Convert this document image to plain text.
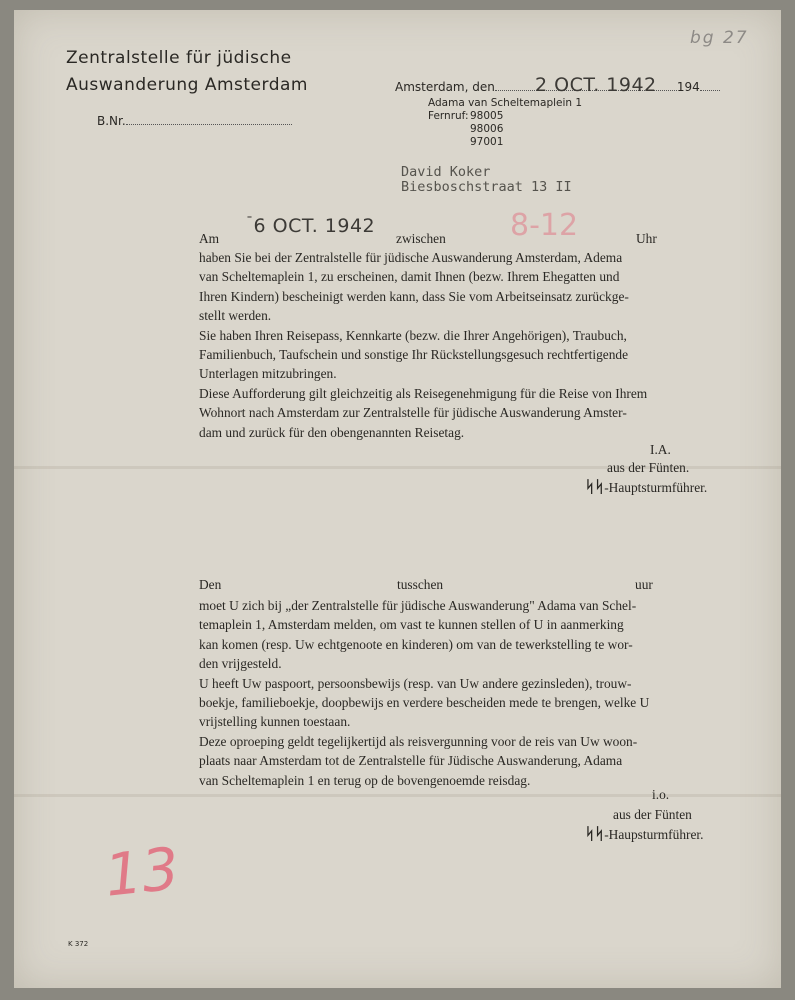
Zentralstelle für jüdische
Auswanderung Amsterdam
B.Nr.
Amsterdam, den	194
2 OCT. 1942
Adama van Scheltemaplein 1
Fernruf: 98005
98006
97001
bg 27
David Koker
Biesboschstraat 13 II
Am
$^ˉ$6 OCT. 1942
zwischen 8-12	Uhr
haben Sie bei der Zentralstelle für jüdische Auswanderung Amsterdam, Adema
van Scheltemaplein 1, zu erscheinen, damit Ihnen (bezw. Ihrem Ehegatten und
Ihren Kindern) bescheinigt werden kann, dass Sie vom Arbeitseinsatz zurückge-
stellt werden.
Sie haben Ihren Reisepass, Kennkarte (bezw. die Ihrer Angehörigen), Traubuch,
Familienbuch, Taufschein und sonstige Ihr Rückstellungsgesuch rechtfertigende
Unterlagen mitzubringen.
Diese Aufforderung gilt gleichzeitig als Reisegenehmigung für die Reise von Ihrem
Wohnort nach Amsterdam zur Zentralstelle für jüdische Auswanderung Amster-
dam und zurück für den obengenannten Reisetag.
I.A.
aus der Fünten.
ᛋᛋ-Hauptsturmführer.
Den	tusschen	uur
moet U zich bij „der Zentralstelle für jüdische Auswanderung" Adama van Schel-
temaplein 1, Amsterdam melden, om vast te kunnen stellen of U in aanmerking
kan komen (resp. Uw echtgenoote en kinderen) om van de tewerkstelling te wor-
den vrijgesteld.
U heeft Uw paspoort, persoonsbewijs (resp. van Uw andere gezinsleden), trouw-
boekje, familieboekje, doopbewijs en verdere bescheiden mede te brengen, welke U
vrijstelling kunnen toestaan.
Deze oproeping geldt tegelijkertijd als reisvergunning voor de reis van Uw woon-
plaats naar Amsterdam tot de Zentralstelle für Jüdische Auswanderung, Adama
van Scheltemaplein 1 en terug op de bovengenoemde reisdag.
i.o.
aus der Fünten
ᛋᛋ-Haupsturmführer.
13
K 372
